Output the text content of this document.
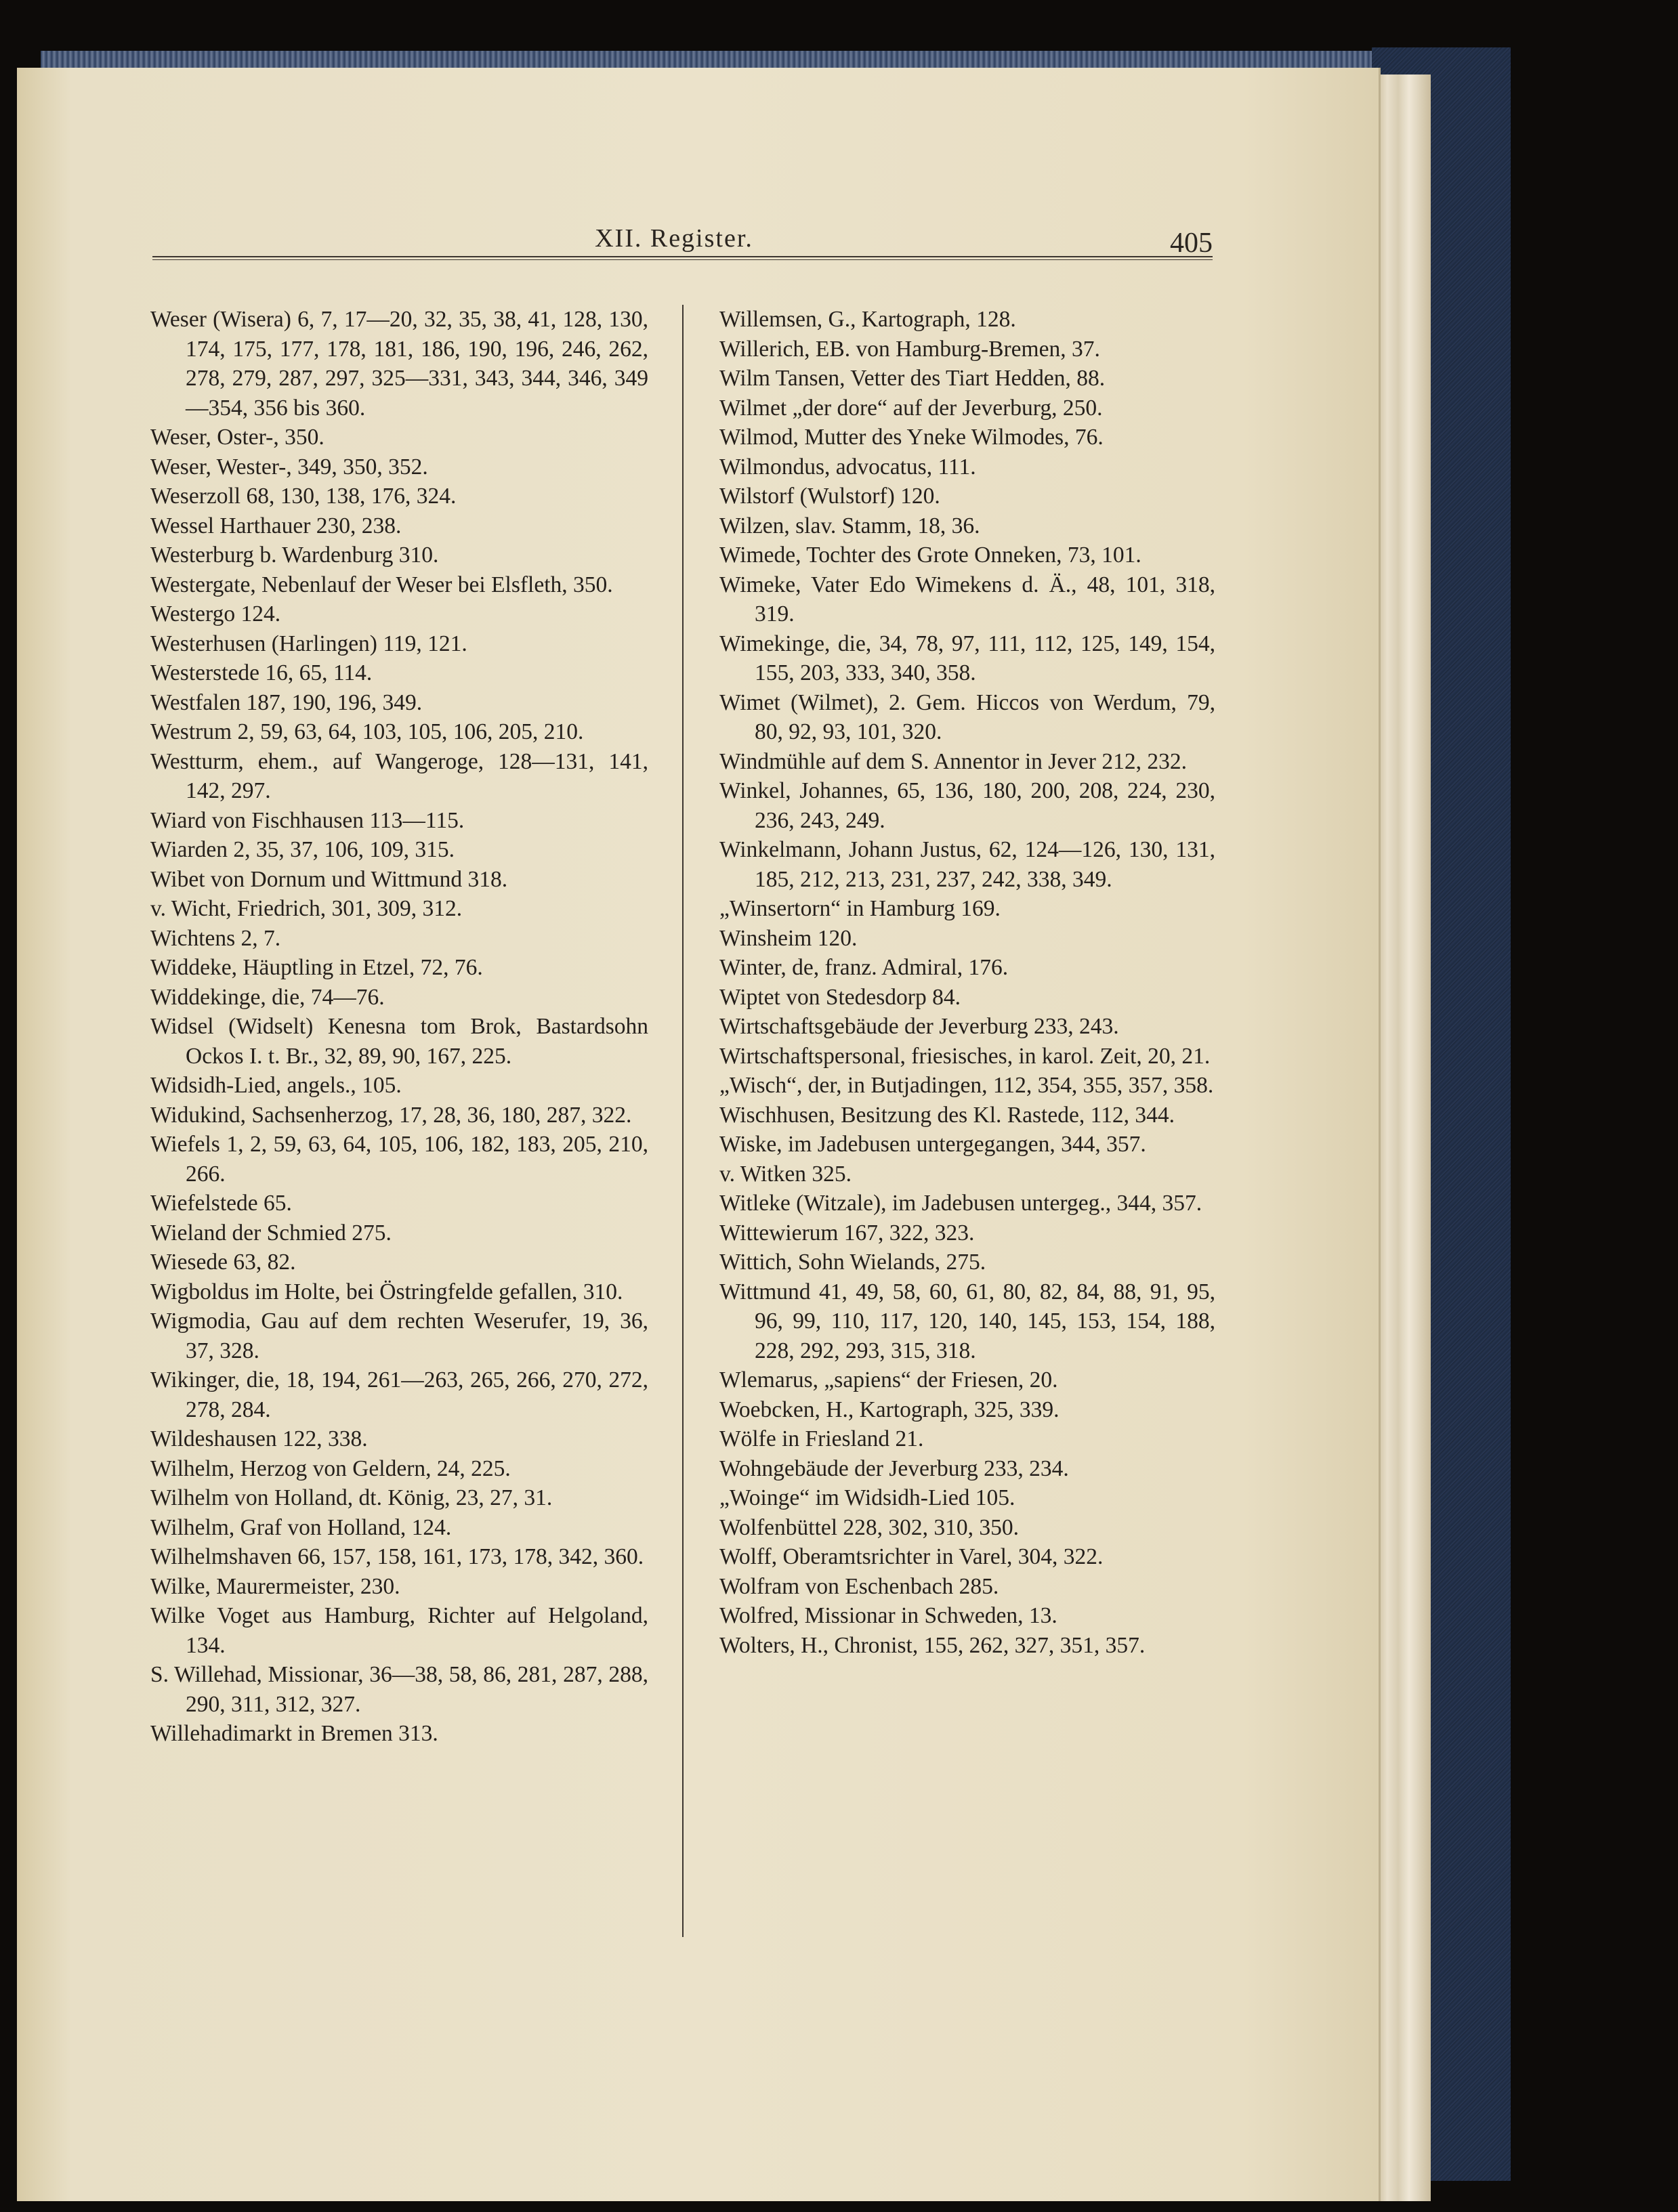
XII. Register.	405

Weser (Wisera) 6, 7, 17—20, 32, 35, 38, 41, 128, 130, 174, 175, 177, 178, 181, 186, 190, 196, 246, 262, 278, 279, 287, 297, 325—331, 343, 344, 346, 349—354, 356 bis 360.

Weser, Oster-, 350.

Weser, Wester-, 349, 350, 352.

Weserzoll 68, 130, 138, 176, 324.

Wessel Harthauer 230, 238.

Westerburg b. Wardenburg 310.

Westergate, Nebenlauf der Weser bei Elsfleth, 350.

Westergo 124.

Westerhusen (Harlingen) 119, 121.

Westerstede 16, 65, 114.

Westfalen 187, 190, 196, 349.

Westrum 2, 59, 63, 64, 103, 105, 106, 205, 210.

Westturm, ehem., auf Wangeroge, 128—131, 141, 142, 297.

Wiard von Fischhausen 113—115.

Wiarden 2, 35, 37, 106, 109, 315.

Wibet von Dornum und Wittmund 318.

v. Wicht, Friedrich, 301, 309, 312.

Wichtens 2, 7.

Widdeke, Häuptling in Etzel, 72, 76.

Widdekinge, die, 74—76.

Widsel (Widselt) Kenesna tom Brok, Bastardsohn Ockos I. t. Br., 32, 89, 90, 167, 225.

Widsidh-Lied, angels., 105.

Widukind, Sachsenherzog, 17, 28, 36, 180, 287, 322.

Wiefels 1, 2, 59, 63, 64, 105, 106, 182, 183, 205, 210, 266.

Wiefelstede 65.

Wieland der Schmied 275.

Wiesede 63, 82.

Wigboldus im Holte, bei Östringfelde gefallen, 310.

Wigmodia, Gau auf dem rechten Weserufer, 19, 36, 37, 328.

Wikinger, die, 18, 194, 261—263, 265, 266, 270, 272, 278, 284.

Wildeshausen 122, 338.

Wilhelm, Herzog von Geldern, 24, 225.

Wilhelm von Holland, dt. König, 23, 27, 31.

Wilhelm, Graf von Holland, 124.

Wilhelmshaven 66, 157, 158, 161, 173, 178, 342, 360.

Wilke, Maurermeister, 230.

Wilke Voget aus Hamburg, Richter auf Helgoland, 134.

S. Willehad, Missionar, 36—38, 58, 86, 281, 287, 288, 290, 311, 312, 327.

Willehadimarkt in Bremen 313.

Willemsen, G., Kartograph, 128.

Willerich, EB. von Hamburg-Bremen, 37.

Wilm Tansen, Vetter des Tiart Hedden, 88.

Wilmet „der dore“ auf der Jeverburg, 250.

Wilmod, Mutter des Yneke Wilmodes, 76.

Wilmondus, advocatus, 111.

Wilstorf (Wulstorf) 120.

Wilzen, slav. Stamm, 18, 36.

Wimede, Tochter des Grote Onneken, 73, 101.

Wimeke, Vater Edo Wimekens d. Ä., 48, 101, 318, 319.

Wimekinge, die, 34, 78, 97, 111, 112, 125, 149, 154, 155, 203, 333, 340, 358.

Wimet (Wilmet), 2. Gem. Hiccos von Werdum, 79, 80, 92, 93, 101, 320.

Windmühle auf dem S. Annentor in Jever 212, 232.

Winkel, Johannes, 65, 136, 180, 200, 208, 224, 230, 236, 243, 249.

Winkelmann, Johann Justus, 62, 124—126, 130, 131, 185, 212, 213, 231, 237, 242, 338, 349.

„Winsertorn“ in Hamburg 169.

Winsheim 120.

Winter, de, franz. Admiral, 176.

Wiptet von Stedesdorp 84.

Wirtschaftsgebäude der Jeverburg 233, 243.

Wirtschaftspersonal, friesisches, in karol. Zeit, 20, 21.

„Wisch“, der, in Butjadingen, 112, 354, 355, 357, 358.

Wischhusen, Besitzung des Kl. Rastede, 112, 344.

Wiske, im Jadebusen untergegangen, 344, 357.

v. Witken 325.

Witleke (Witzale), im Jadebusen untergeg., 344, 357.

Wittewierum 167, 322, 323.

Wittich, Sohn Wielands, 275.

Wittmund 41, 49, 58, 60, 61, 80, 82, 84, 88, 91, 95, 96, 99, 110, 117, 120, 140, 145, 153, 154, 188, 228, 292, 293, 315, 318.

Wlemarus, „sapiens“ der Friesen, 20.

Woebcken, H., Kartograph, 325, 339.

Wölfe in Friesland 21.

Wohngebäude der Jeverburg 233, 234.

„Woinge“ im Widsidh-Lied 105.

Wolfenbüttel 228, 302, 310, 350.

Wolff, Oberamtsrichter in Varel, 304, 322.

Wolfram von Eschenbach 285.

Wolfred, Missionar in Schweden, 13.

Wolters, H., Chronist, 155, 262, 327, 351, 357.
